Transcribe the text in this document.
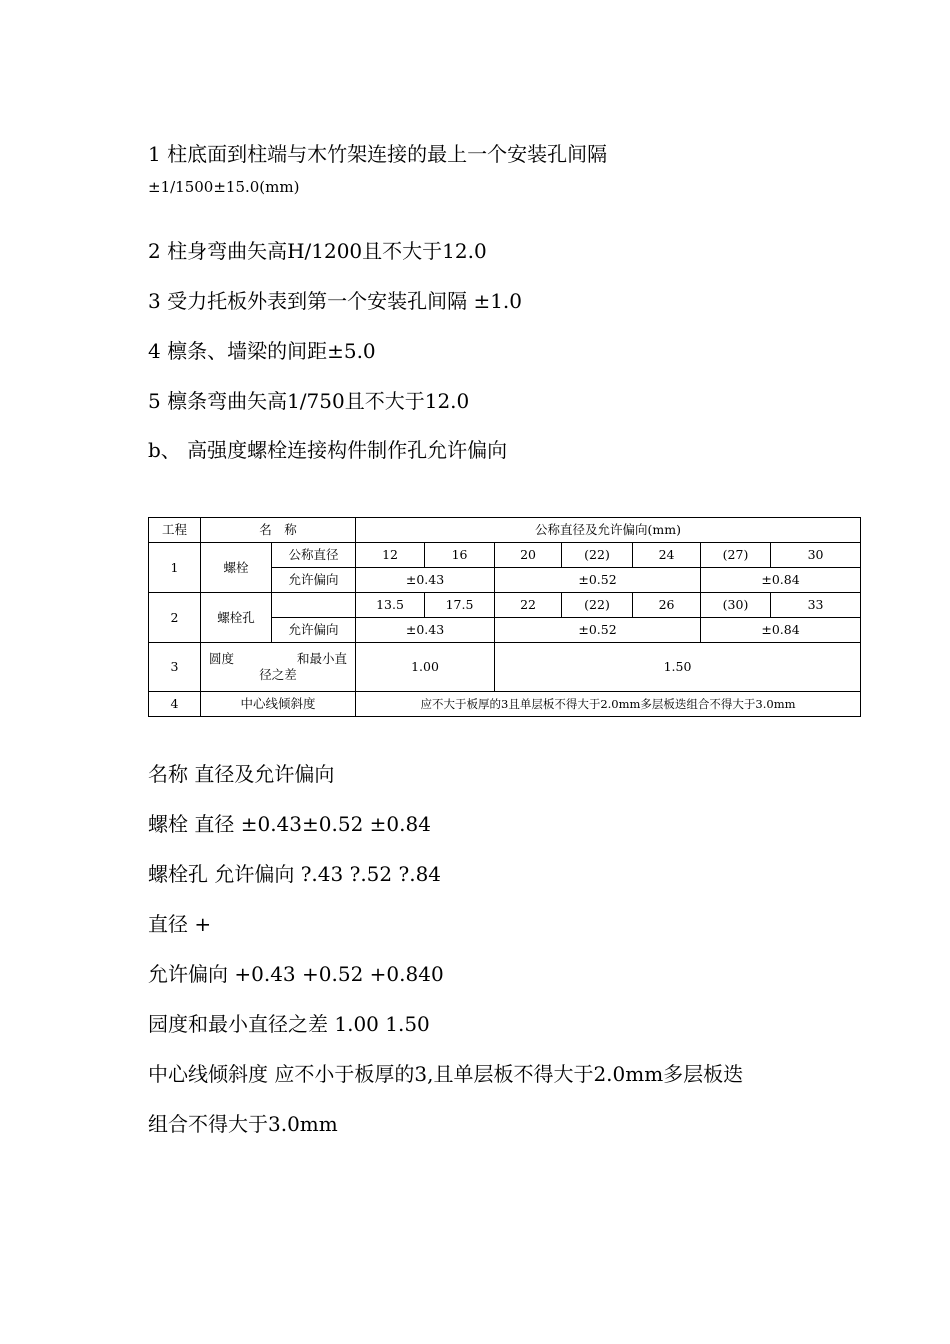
1 柱底面到柱端与木竹架连接的最上一个安装孔间隔
±1/1500±15.0(mm)
2 柱身弯曲矢高H/1200且不大于12.0
3 受力托板外表到第一个安装孔间隔 ±1.0
4 檩条、墙梁的间距±5.0
5 檩条弯曲矢高1/750且不大于12.0
b、 高强度螺栓连接构件制作孔允许偏向
工程	名　称		公称直径及允许偏向(mm)						
1	螺栓	公称直径	12	16	20	(22)	24	(27)	30
		允许偏向	±0.43		±0.52			±0.84	
2	螺栓孔		13.5	17.5	22	(22)	26	(30)	33
		允许偏向	±0.43		±0.52			±0.84	
3	圆度 和最小直
径之差		1.00		1.50				
4	中心线倾斜度		应不大于板厚的3且单层板不得大于2.0mm多层板迭组合不得大于3.0mm						
名称 直径及允许偏向
螺栓 直径 ±0.43±0.52 ±0.84
螺栓孔 允许偏向 ?.43 ?.52 ?.84
直径 +
允许偏向 +0.43 +0.52 +0.840
园度和最小直径之差 1.00 1.50
中心线倾斜度 应不小于板厚的3,且单层板不得大于2.0mm多层板迭
组合不得大于3.0mm
